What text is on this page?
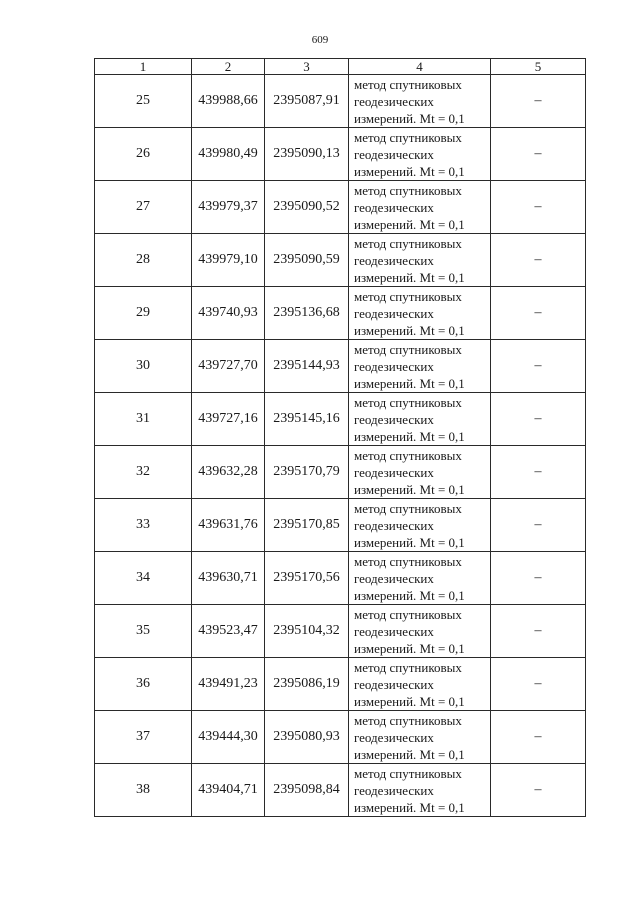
609
1	2	3	4	5
25	439988,66	2395087,91	метод спутниковых
геодезических
измерений. Mt = 0,1	–
26	439980,49	2395090,13	метод спутниковых
геодезических
измерений. Mt = 0,1	–
27	439979,37	2395090,52	метод спутниковых
геодезических
измерений. Mt = 0,1	–
28	439979,10	2395090,59	метод спутниковых
геодезических
измерений. Mt = 0,1	–
29	439740,93	2395136,68	метод спутниковых
геодезических
измерений. Mt = 0,1	–
30	439727,70	2395144,93	метод спутниковых
геодезических
измерений. Mt = 0,1	–
31	439727,16	2395145,16	метод спутниковых
геодезических
измерений. Mt = 0,1	–
32	439632,28	2395170,79	метод спутниковых
геодезических
измерений. Mt = 0,1	–
33	439631,76	2395170,85	метод спутниковых
геодезических
измерений. Mt = 0,1	–
34	439630,71	2395170,56	метод спутниковых
геодезических
измерений. Mt = 0,1	–
35	439523,47	2395104,32	метод спутниковых
геодезических
измерений. Mt = 0,1	–
36	439491,23	2395086,19	метод спутниковых
геодезических
измерений. Mt = 0,1	–
37	439444,30	2395080,93	метод спутниковых
геодезических
измерений. Mt = 0,1	–
38	439404,71	2395098,84	метод спутниковых
геодезических
измерений. Mt = 0,1	–
